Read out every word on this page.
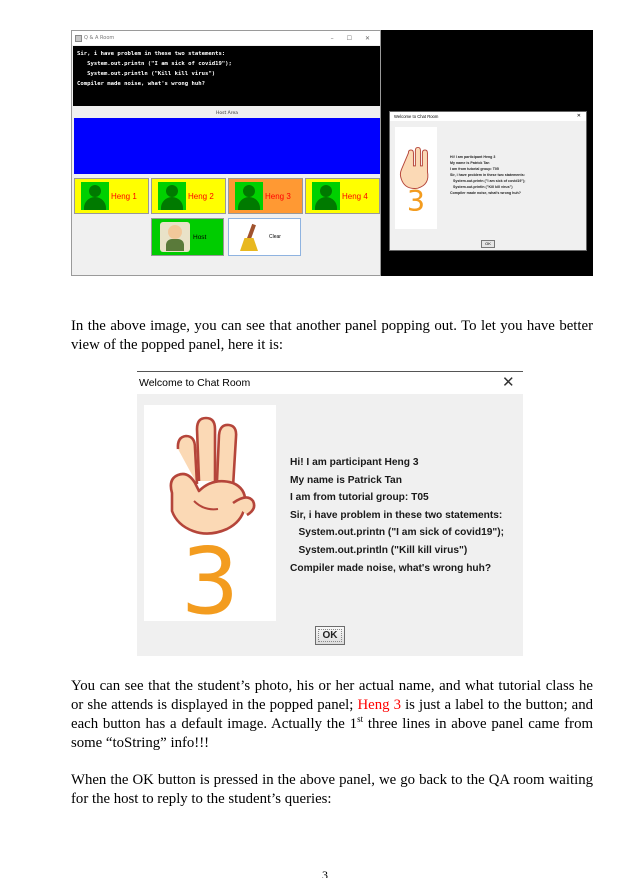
Q & A Room	– ☐ ✕
Sir, i have problem in these two statements:
System.out.printn ("I am sick of covid19");
System.out.println ("Kill kill virus")
Compiler made noise, what's wrong huh?
Host Area
Heng 1	Heng 2	Heng 3	Heng 4
Host	Clear
Welcome to Chat Room	✕
3
Hi! I am participant Heng 3
My name is Patrick Tan
I am from tutorial group: T05
Sir, i have problem in these two statements:
System.out.printn ("I am sick of covid19");
System.out.println ("Kill kill virus")
Compiler made noise, what's wrong huh?
OK

In the above image, you can see that another panel popping out. To let you have better view of the popped panel, here it is:

Welcome to Chat Room	✕
3
Hi! I am participant Heng 3
My name is Patrick Tan
I am from tutorial group: T05
Sir, i have problem in these two statements:
System.out.printn ("I am sick of covid19");
System.out.println ("Kill kill virus")
Compiler made noise, what's wrong huh?
OK

You can see that the student’s photo, his or her actual name, and what tutorial class he or she attends is displayed in the popped panel; Heng 3 is just a label to the button; and each button has a default image. Actually the 1st three lines in above panel came from some “toString” info!!!

When the OK button is pressed in the above panel, we go back to the QA room waiting for the host to reply to the student’s queries:

3
